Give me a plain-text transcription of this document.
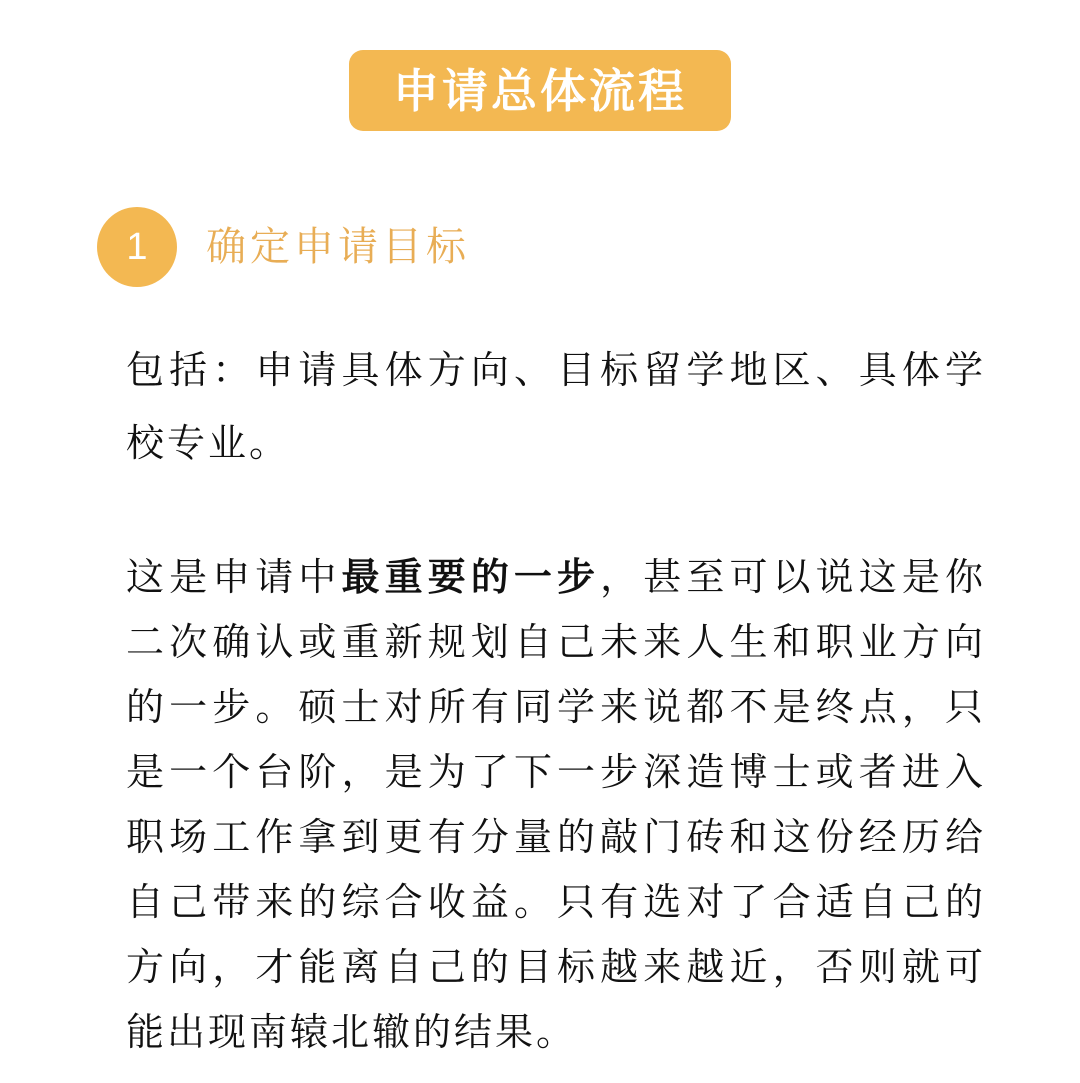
申请总体流程
1	确定申请目标

包括：申请具体方向、目标留学地区、具体学校专业。

这是申请中最重要的一步，甚至可以说这是你二次确认或重新规划自己未来人生和职业方向的一步。硕士对所有同学来说都不是终点，只是一个台阶，是为了下一步深造博士或者进入职场工作拿到更有分量的敲门砖和这份经历给自己带来的综合收益。只有选对了合适自己的方向，才能离自己的目标越来越近，否则就可能出现南辕北辙的结果。
